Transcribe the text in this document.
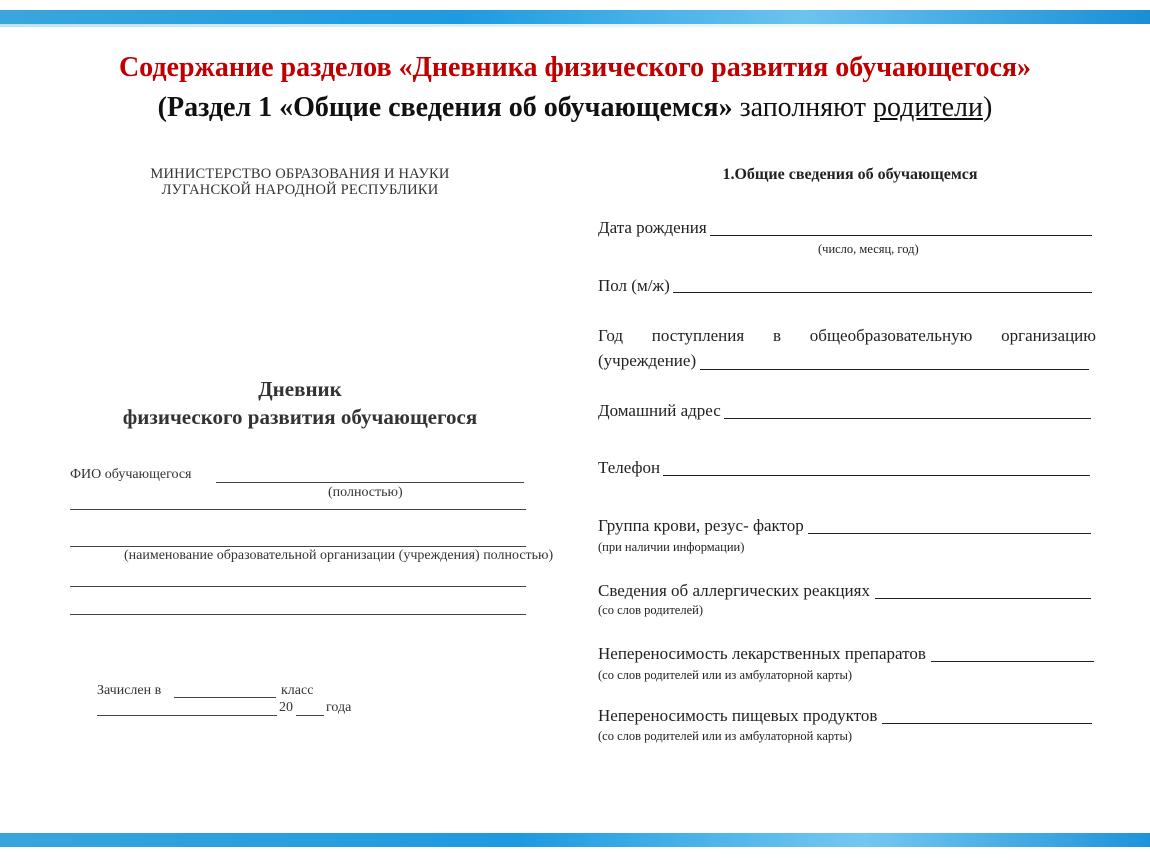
Содержание разделов «Дневника физического развития обучающегося»

(Раздел 1 «Общие сведения об обучающемся» заполняют родители)

МИНИСТЕРСТВО ОБРАЗОВАНИЯ И НАУКИ
ЛУГАНСКОЙ НАРОДНОЙ РЕСПУБЛИКИ
Дневник
физического развития обучающегося
ФИО обучающегося
(полностью)
(наименование образовательной организации (учреждения) полностью)
Зачислен в	класс
20 года
1.Общие сведения об обучающемся
Дата рождения
(число, месяц, год)
Пол (м/ж)
Год поступления в общеобразовательную организацию
(учреждение)
Домашний адрес
Телефон
Группа крови, резус- фактор
(при наличии информации)
Сведения об аллергических реакциях
(со слов родителей)
Непереносимость лекарственных препаратов
(со слов родителей или из амбулаторной карты)
Непереносимость пищевых продуктов
(со слов родителей или из амбулаторной карты)
